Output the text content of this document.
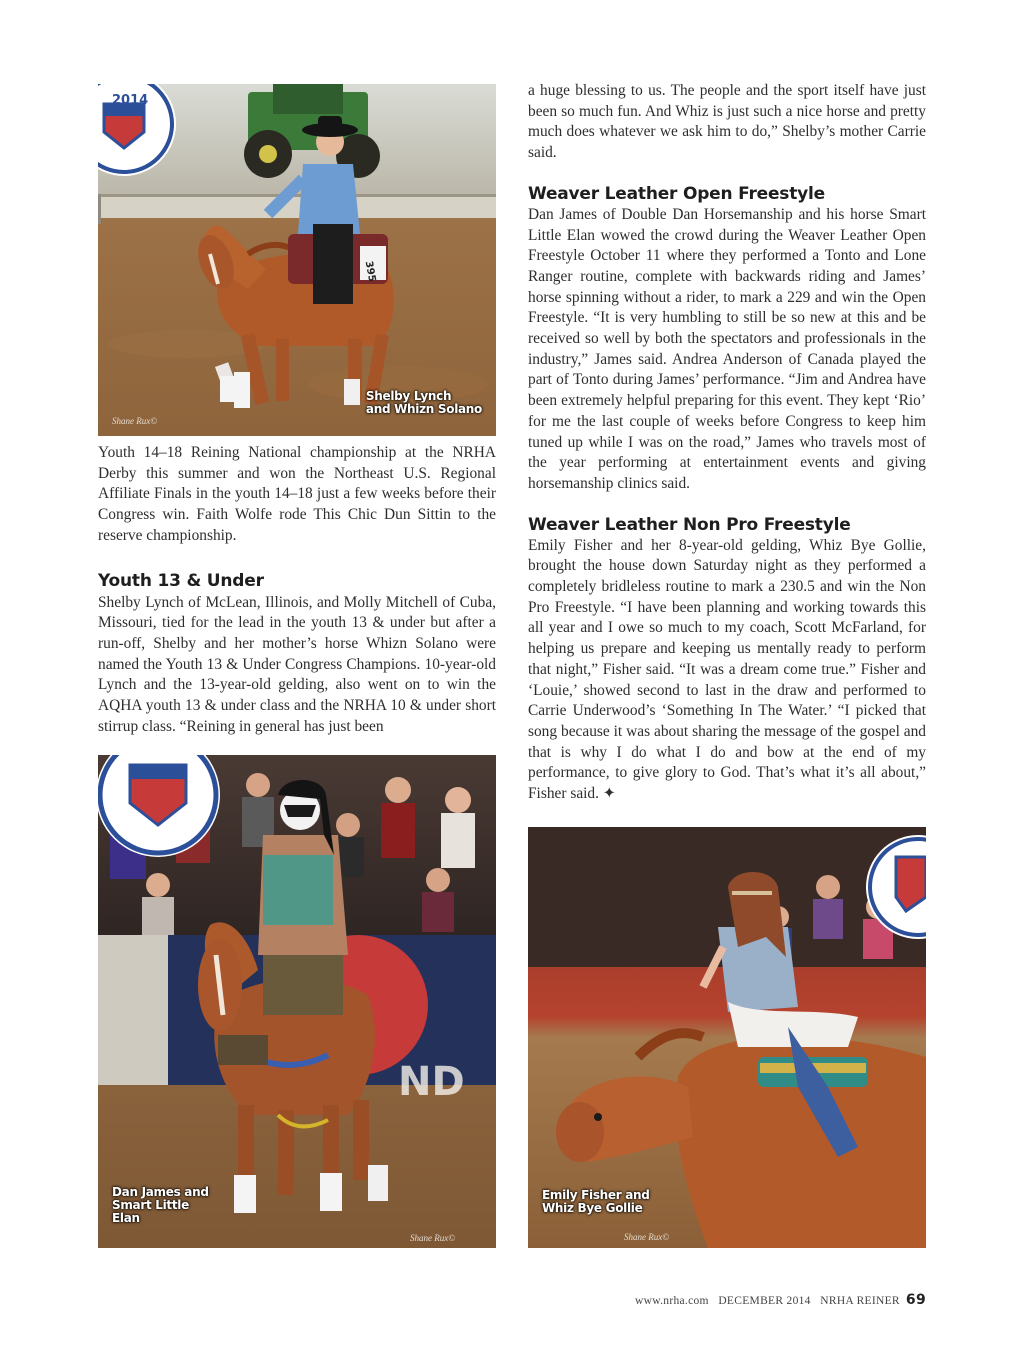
2014
395
Shelby Lynch
and Whizn Solano
Shane Rux©

Youth 14–18 Reining National championship at the NRHA Derby this summer and won the Northeast U.S. Regional Affiliate Finals in the youth 14–18 just a few weeks before their Congress win. Faith Wolfe rode This Chic Dun Sittin to the reserve championship.

Youth 13 & Under

Shelby Lynch of McLean, Illinois, and Molly Mitchell of Cuba, Missouri, tied for the lead in the youth 13 & under but after a run-off, Shelby and her mother’s horse Whizn Solano were named the Youth 13 & Under Congress Champions. 10-year-old Lynch and the 13-year-old gelding, also went on to win the AQHA youth 13 & under class and the NRHA 10 & under short stirrup class. “Reining in general has just been

ND
Dan James and
Smart Little
Elan
Shane Rux©

a huge blessing to us. The people and the sport itself have just been so much fun. And Whiz is just such a nice horse and pretty much does whatever we ask him to do,” Shelby’s mother Carrie said.

Weaver Leather Open Freestyle

Dan James of Double Dan Horsemanship and his horse Smart Little Elan wowed the crowd during the Weaver Leather Open Freestyle October 11 where they performed a Tonto and Lone Ranger routine, complete with backwards riding and James’ horse spinning without a rider, to mark a 229 and win the Open Freestyle. “It is very humbling to still be so new at this and be received so well by both the spectators and professionals in the industry,” James said. Andrea Anderson of Canada played the part of Tonto during James’ performance. “Jim and Andrea have been extremely helpful preparing for this event. They kept ‘Rio’ for me the last couple of weeks before Congress to keep him tuned up while I was on the road,” James who travels most of the year performing at entertainment events and giving horsemanship clinics said.

Weaver Leather Non Pro Freestyle

Emily Fisher and her 8-year-old gelding, Whiz Bye Gollie, brought the house down Saturday night as they performed a completely bridleless routine to mark a 230.5 and win the Non Pro Freestyle. “I have been planning and working towards this all year and I owe so much to my coach, Scott McFarland, for helping us prepare and keeping us mentally ready to perform that night,” Fisher said. “It was a dream come true.” Fisher and ‘Louie,’ showed second to last in the draw and performed to Carrie Underwood’s ‘Something In The Water.’ “I picked that song because it was about sharing the message of the gospel and that is why I do what I do and bow at the end of my performance, to give glory to God. That’s what it’s all about,” Fisher said. ✦

Emily Fisher and
Whiz Bye Gollie
Shane Rux©
www.nrha.com DECEMBER 2014 NRHA REINER 69
